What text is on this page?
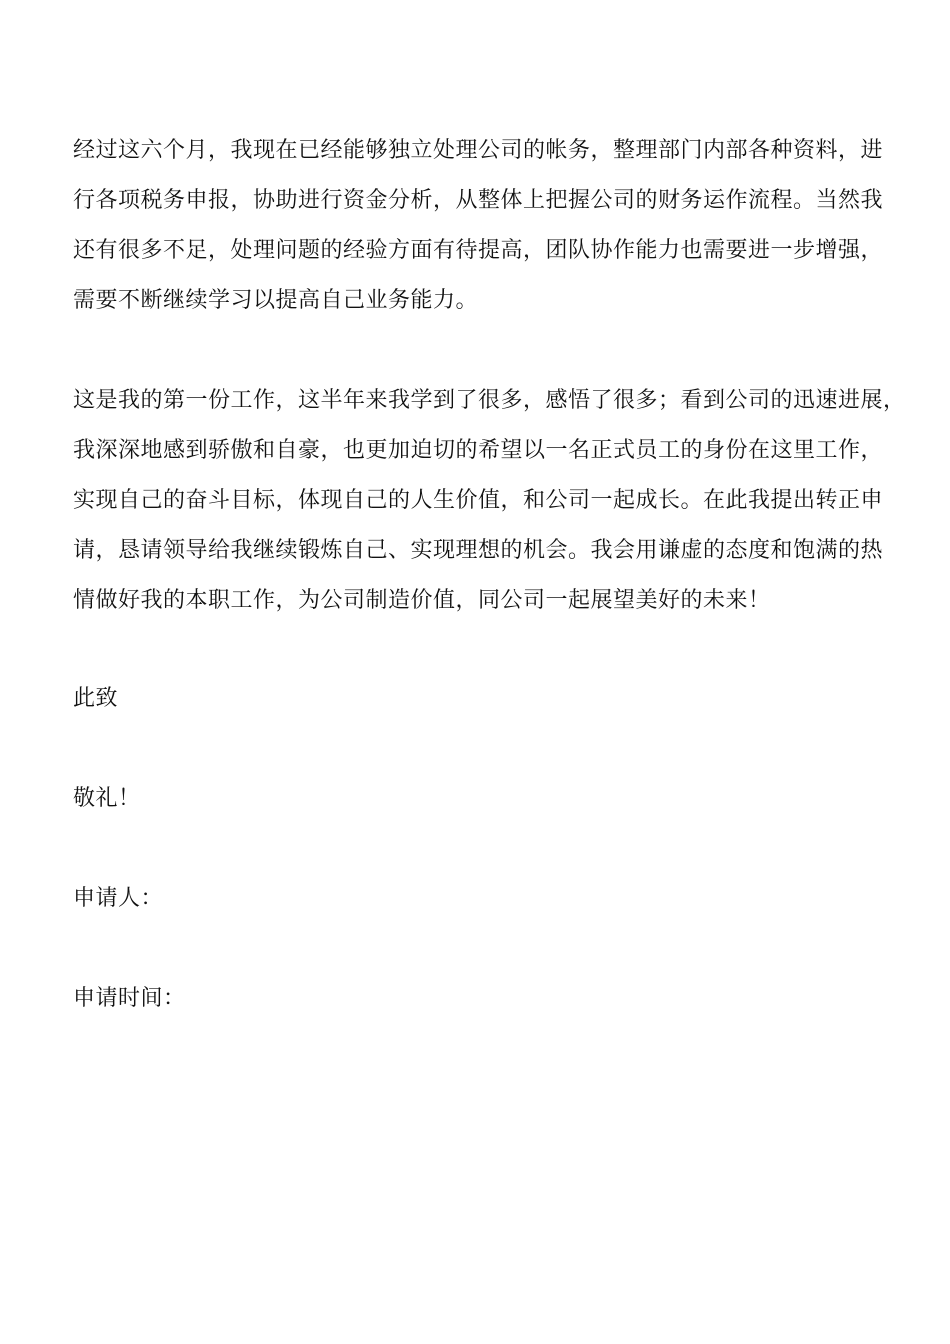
经过这六个月，我现在已经能够独立处理公司的帐务，整理部门内部各种资料，进
行各项税务申报，协助进行资金分析，从整体上把握公司的财务运作流程。当然我
还有很多不足，处理问题的经验方面有待提高，团队协作能力也需要进一步增强，
需要不断继续学习以提高自己业务能力。
这是我的第一份工作，这半年来我学到了很多，感悟了很多；看到公司的迅速进展，
我深深地感到骄傲和自豪，也更加迫切的希望以一名正式员工的身份在这里工作，
实现自己的奋斗目标，体现自己的人生价值，和公司一起成长。在此我提出转正申
请，恳请领导给我继续锻炼自己、实现理想的机会。我会用谦虚的态度和饱满的热
情做好我的本职工作，为公司制造价值，同公司一起展望美好的未来！
此致
敬礼！
申请人：
申请时间：
